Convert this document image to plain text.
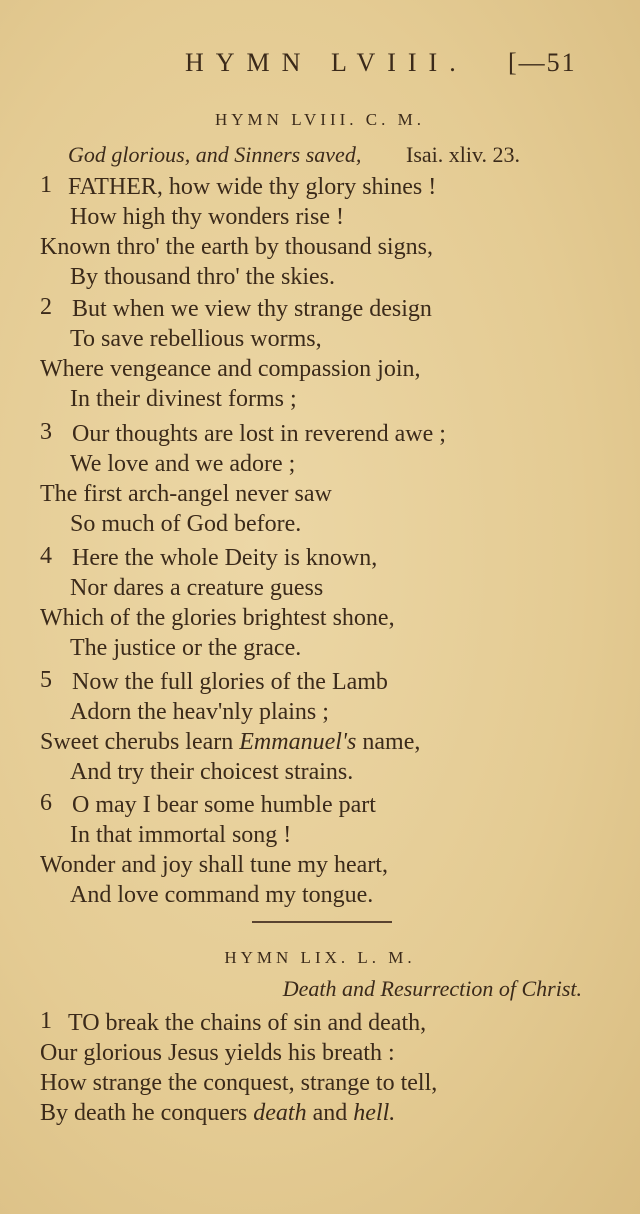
HYMN LVIII. [—51
HYMN LVIII. C. M.
God glorious, and Sinners saved, Isai. xliv. 23.
1 FATHER, how wide thy glory shines !
How high thy wonders rise !
Known thro' the earth by thousand signs,
By thousand thro' the skies.
2 But when we view thy strange design
To save rebellious worms,
Where vengeance and compassion join,
In their divinest forms ;
3 Our thoughts are lost in reverend awe ;
We love and we adore ;
The first arch-angel never saw
So much of God before.
4 Here the whole Deity is known,
Nor dares a creature guess
Which of the glories brightest shone,
The justice or the grace.
5 Now the full glories of the Lamb
Adorn the heav'nly plains ;
Sweet cherubs learn Emmanuel's name,
And try their choicest strains.
6 O may I bear some humble part
In that immortal song !
Wonder and joy shall tune my heart,
And love command my tongue.
HYMN LIX. L. M.
Death and Resurrection of Christ.
1 TO break the chains of sin and death,
Our glorious Jesus yields his breath :
How strange the conquest, strange to tell,
By death he conquers death and hell.
